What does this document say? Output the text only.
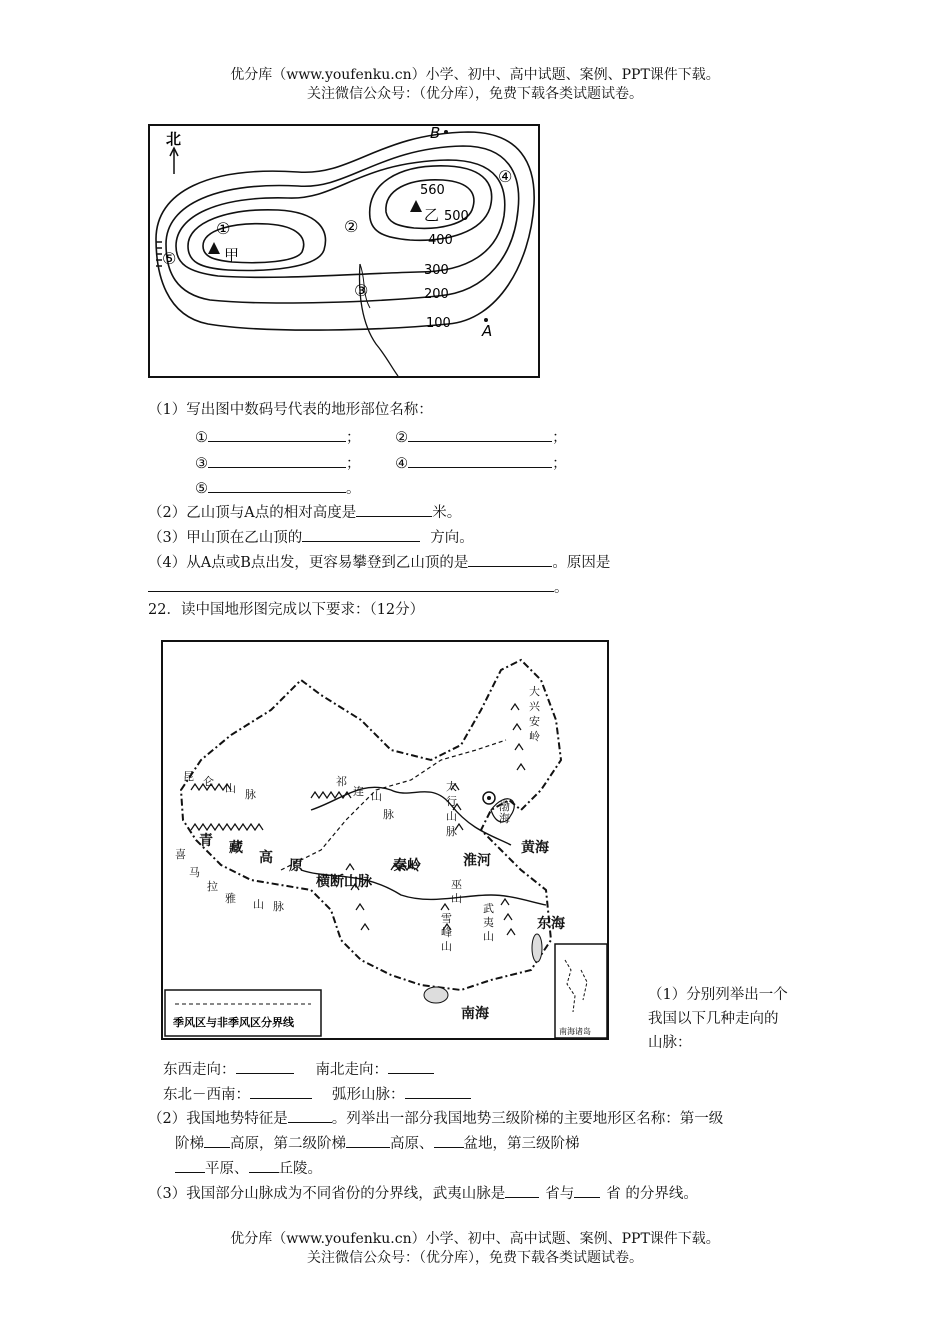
优分库（www.youfenku.cn）小学、初中、高中试题、案例、PPT课件下载。
关注微信公众号：（优分库），免费下载各类试题试卷。
北
①	②
③
④
⑤	甲
乙
560
500
400
300
200
100 A
B
（1）写出图中数码号代表的地形部位名称：
①	； ②	；
③	； ④	；
⑤	。
（2）乙山顶与A点的相对高度是	米。
（3）甲山顶在乙山顶的	方向。
（4）从A点或B点出发，更容易攀登到乙山顶的是	。原因是
。
22．读中国地形图完成以下要求：（12分）
大
兴
安
岭
昆 仑
山 脉
祁
连 山
脉
太
行
山
脉
渤
海
喜
马
拉
雅 山 脉
巫
山
雪
峰
山
武
夷
山
青 藏
高 原
横断山脉
秦岭	淮河
黄海
东海
南海
南海诸岛
季风区与非季风区分界线
（1）分别列举出一个
我国以下几种走向的
山脉：
东西走向：	南北走向：
东北－西南：	弧形山脉：
（2）我国地势特征是	。列举出一部分我国地势三级阶梯的主要地形区名称：第一级
阶梯 高原，第二级阶梯	高原、 盆地，第三级阶梯
平原、 丘陵。
（3）我国部分山脉成为不同省份的分界线，武夷山脉是	省与 省 的分界线。
优分库（www.youfenku.cn）小学、初中、高中试题、案例、PPT课件下载。
关注微信公众号：（优分库），免费下载各类试题试卷。
